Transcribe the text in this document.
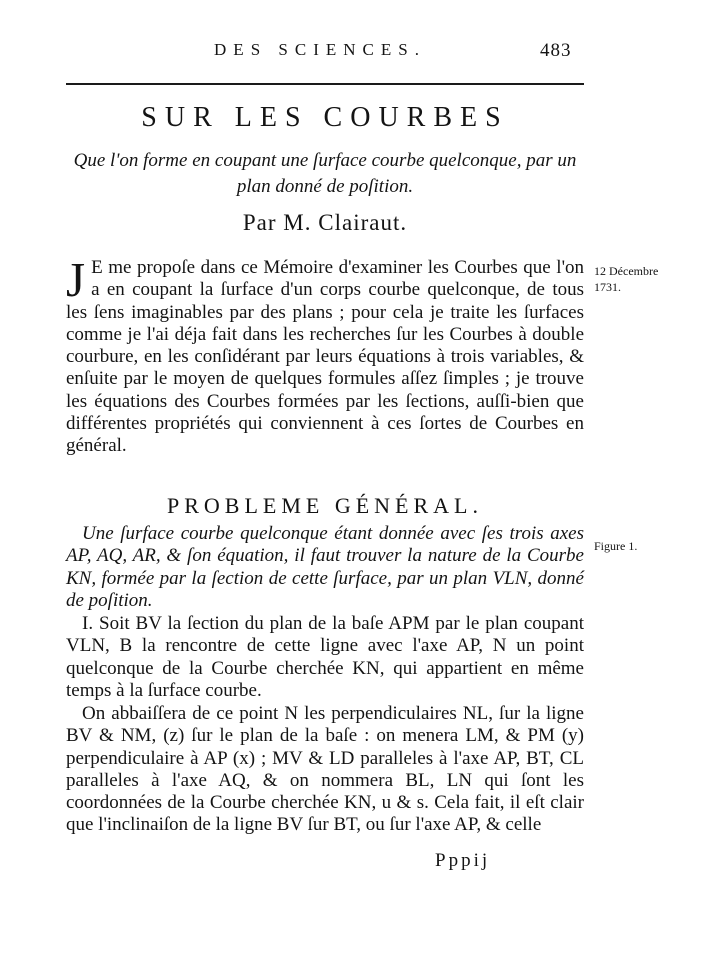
DES SCIENCES.	483
SUR LES COURBES
Que l'on forme en coupant une ſurface courbe quelconque, par un plan donné de poſition.
Par M. Clairaut.
J E me propoſe dans ce Mémoire d'examiner les Courbes que l'on a en coupant la ſurface d'un corps courbe quelconque, de tous les ſens imaginables par des plans ; pour cela je traite les ſurfaces comme je l'ai déja fait dans les recherches ſur les Courbes à double courbure, en les conſidérant par leurs équations à trois variables, & enſuite par le moyen de quelques formules aſſez ſimples ; je trouve les équations des Courbes formées par les ſections, auſſi-bien que différentes propriétés qui conviennent à ces ſortes de Courbes en général.
12 Décembre 1731.
PROBLEME GÉNÉRAL.
Une ſurface courbe quelconque étant donnée avec ſes trois axes AP, AQ, AR, & ſon équation, il faut trouver la nature de la Courbe KN, formée par la ſection de cette ſurface, par un plan VLN, donné de poſition.
Figure 1.
I. Soit BV la ſection du plan de la baſe APM par le plan coupant VLN, B la rencontre de cette ligne avec l'axe AP, N un point quelconque de la Courbe cherchée KN, qui appartient en même temps à la ſurface courbe.
On abbaiſſera de ce point N les perpendiculaires NL, ſur la ligne BV & NM, (z) ſur le plan de la baſe : on menera LM, & PM (y) perpendiculaire à AP (x) ; MV & LD paralleles à l'axe AP, BT, CL paralleles à l'axe AQ, & on nommera BL, LN qui ſont les coordonnées de la Courbe cherchée KN, u & s. Cela fait, il eſt clair que l'inclinaiſon de la ligne BV ſur BT, ou ſur l'axe AP, & celle
Pppij
